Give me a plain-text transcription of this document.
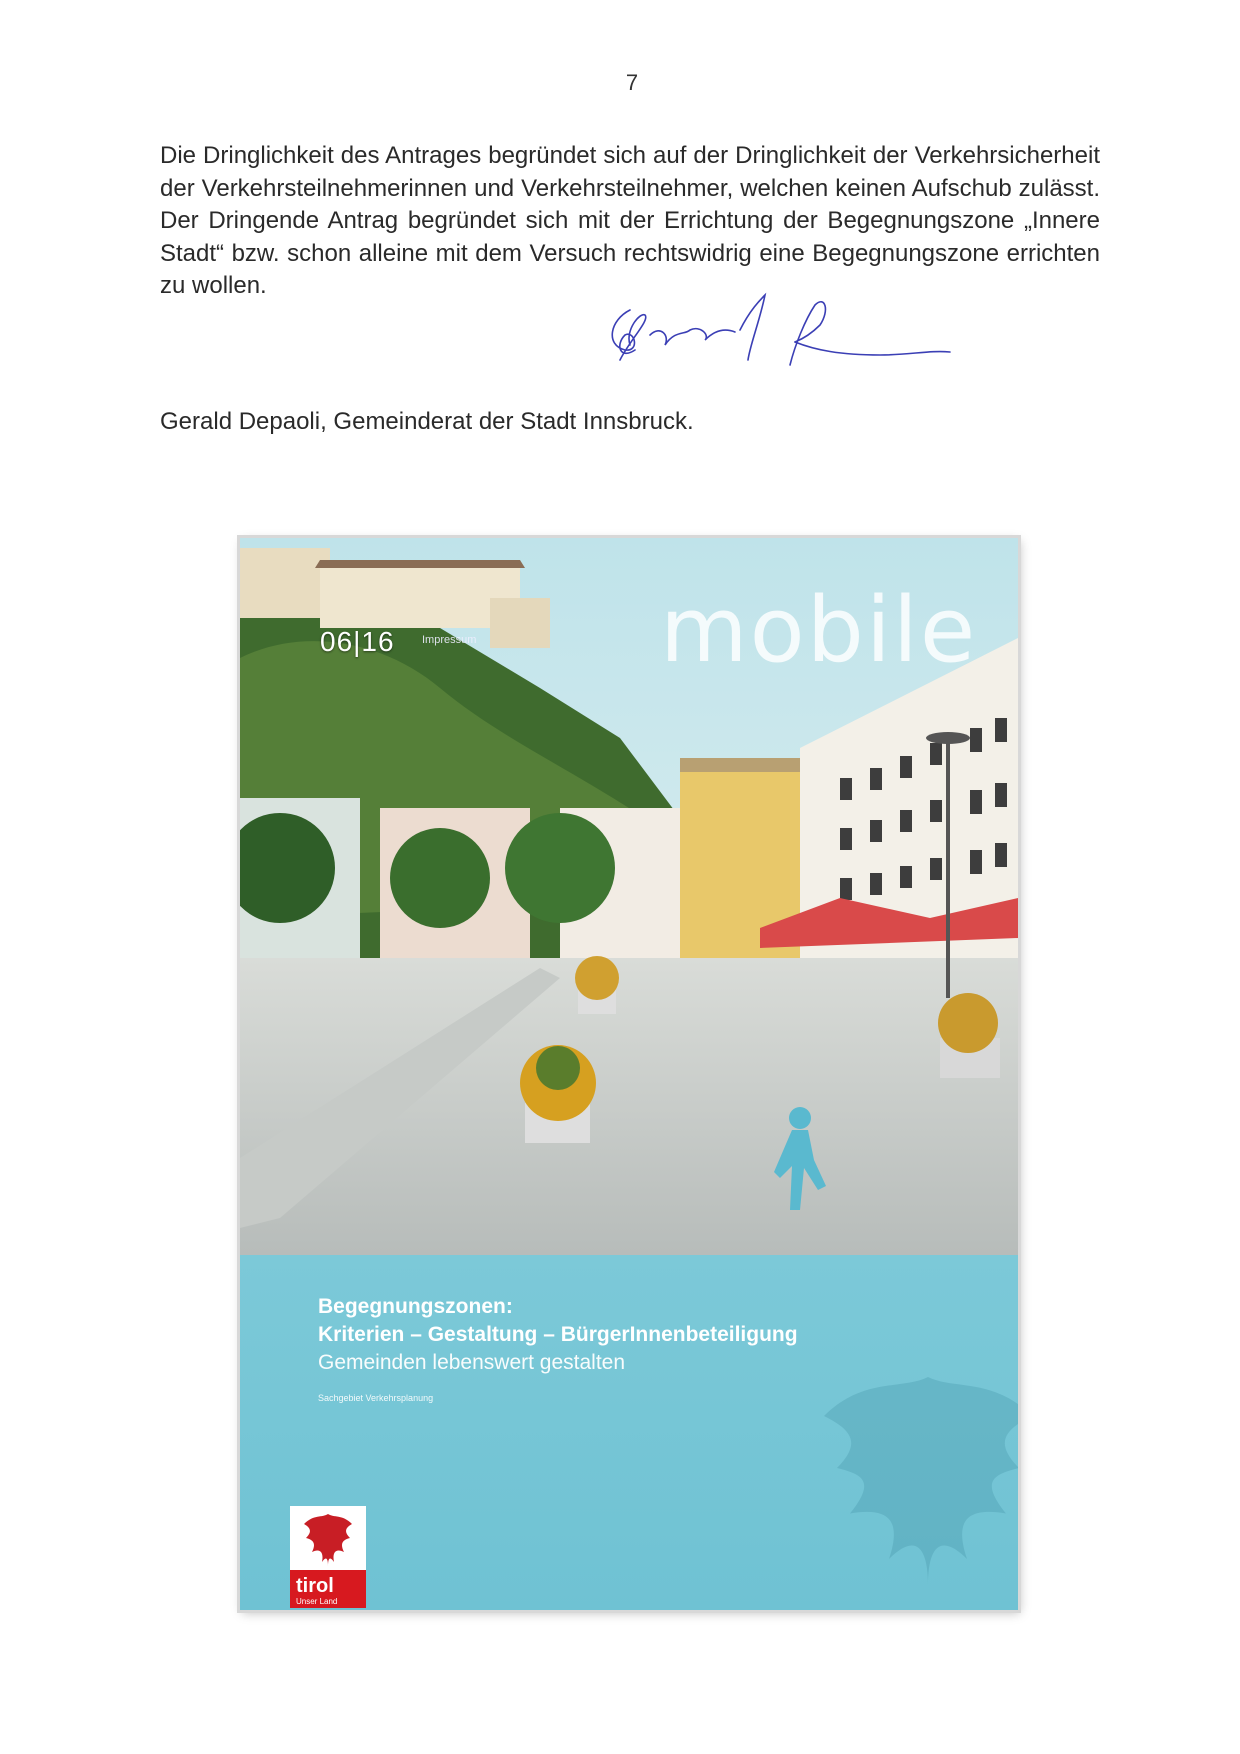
7

Die Dringlichkeit des Antrages begründet sich auf der Dringlichkeit der Verkehrsicherheit der Verkehrsteilnehmerinnen und Verkehrsteilnehmer, welchen keinen Aufschub zulässt. Der Dringende Antrag begründet sich mit der Errichtung der Begegnungszone „Innere Stadt“ bzw. schon alleine mit dem Versuch rechtswidrig eine Begegnungszone errichten zu wollen.

Gerald Depaoli, Gemeinderat der Stadt Innsbruck.
mobile
06|16 Impressum
Begegnungszonen:
Kriterien – Gestaltung – BürgerInnenbeteiligung
Gemeinden lebenswert gestalten
Sachgebiet Verkehrsplanung
tirol
Unser Land
